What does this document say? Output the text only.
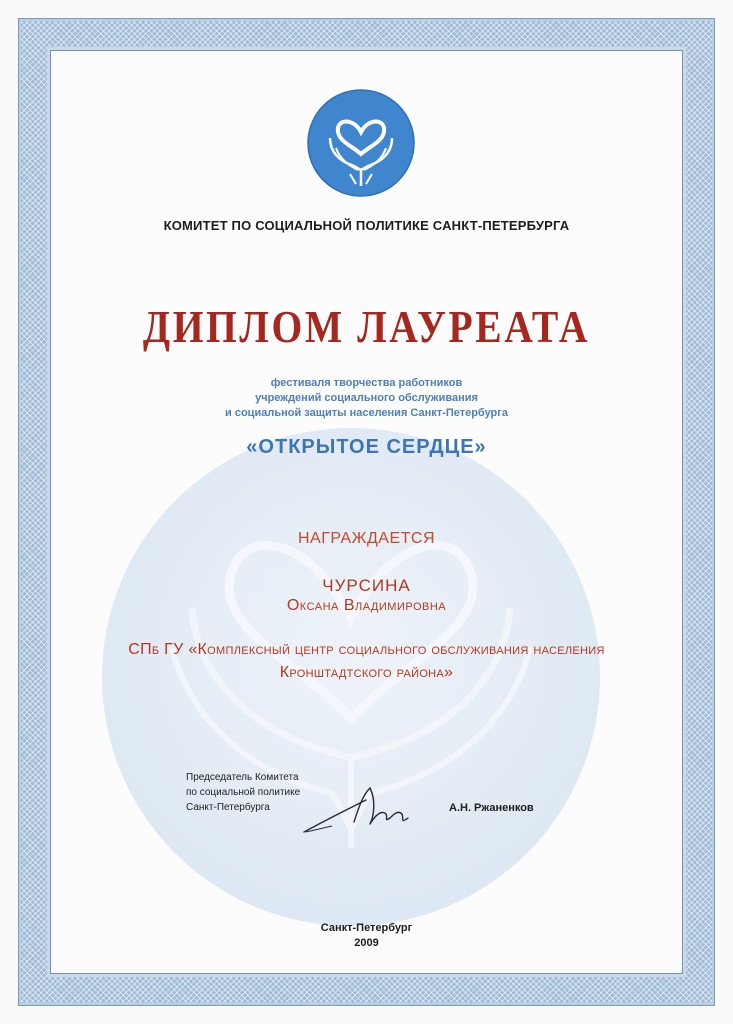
КОМИТЕТ ПО СОЦИАЛЬНОЙ ПОЛИТИКЕ САНКТ-ПЕТЕРБУРГА
ДИПЛОМ ЛАУРЕАТА
фестиваля творчества работников
учреждений социального обслуживания
и социальной защиты населения Санкт-Петербурга
«ОТКРЫТОЕ СЕРДЦЕ»
НАГРАЖДАЕТСЯ
ЧУРСИНА
Оксана Владимировна
СПб ГУ «Комплексный центр социального обслуживания населения
Кронштадтского района»
Председатель Комитета
по социальной политике
Санкт-Петербурга	А.Н. Ржаненков
Санкт-Петербург
2009
